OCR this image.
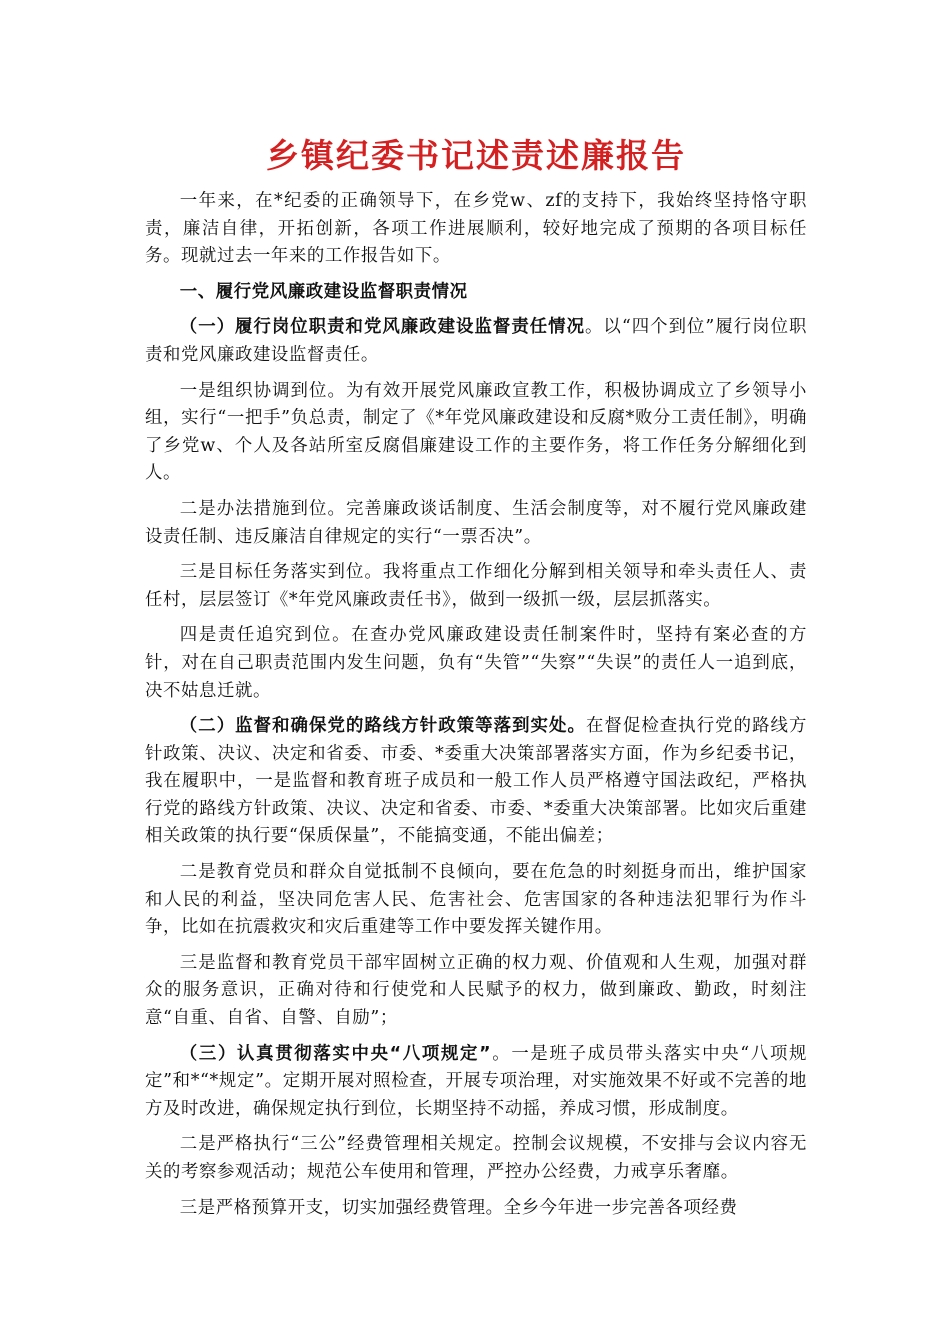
乡镇纪委书记述责述廉报告

一年来，在*纪委的正确领导下，在乡党w、zf的支持下，我始终坚持恪守职责，廉洁自律，开拓创新，各项工作进展顺利，较好地完成了预期的各项目标任务。现就过去一年来的工作报告如下。

一、履行党风廉政建设监督职责情况

（一）履行岗位职责和党风廉政建设监督责任情况。以“四个到位”履行岗位职责和党风廉政建设监督责任。

一是组织协调到位。为有效开展党风廉政宣教工作，积极协调成立了乡领导小组，实行“一把手”负总责，制定了《*年党风廉政建设和反腐*败分工责任制》，明确了乡党w、个人及各站所室反腐倡廉建设工作的主要作务，将工作任务分解细化到人。

二是办法措施到位。完善廉政谈话制度、生活会制度等，对不履行党风廉政建设责任制、违反廉洁自律规定的实行“一票否决”。

三是目标任务落实到位。我将重点工作细化分解到相关领导和牵头责任人、责任村，层层签订《*年党风廉政责任书》，做到一级抓一级，层层抓落实。

四是责任追究到位。在查办党风廉政建设责任制案件时，坚持有案必查的方针，对在自己职责范围内发生问题，负有“失管”“失察”“失误”的责任人一追到底，决不姑息迁就。

（二）监督和确保党的路线方针政策等落到实处。在督促检查执行党的路线方针政策、决议、决定和省委、市委、*委重大决策部署落实方面，作为乡纪委书记，我在履职中，一是监督和教育班子成员和一般工作人员严格遵守国法政纪，严格执行党的路线方针政策、决议、决定和省委、市委、*委重大决策部署。比如灾后重建相关政策的执行要“保质保量”，不能搞变通，不能出偏差；

二是教育党员和群众自觉抵制不良倾向，要在危急的时刻挺身而出，维护国家和人民的利益，坚决同危害人民、危害社会、危害国家的各种违法犯罪行为作斗争，比如在抗震救灾和灾后重建等工作中要发挥关键作用。

三是监督和教育党员干部牢固树立正确的权力观、价值观和人生观，加强对群众的服务意识，正确对待和行使党和人民赋予的权力，做到廉政、勤政，时刻注意“自重、自省、自警、自励”；

（三）认真贯彻落实中央“八项规定”。一是班子成员带头落实中央“八项规定”和*“*规定”。定期开展对照检查，开展专项治理，对实施效果不好或不完善的地方及时改进，确保规定执行到位，长期坚持不动摇，养成习惯，形成制度。

二是严格执行“三公”经费管理相关规定。控制会议规模，不安排与会议内容无关的考察参观活动；规范公车使用和管理，严控办公经费，力戒享乐奢靡。

三是严格预算开支，切实加强经费管理。全乡今年进一步完善各项经费
